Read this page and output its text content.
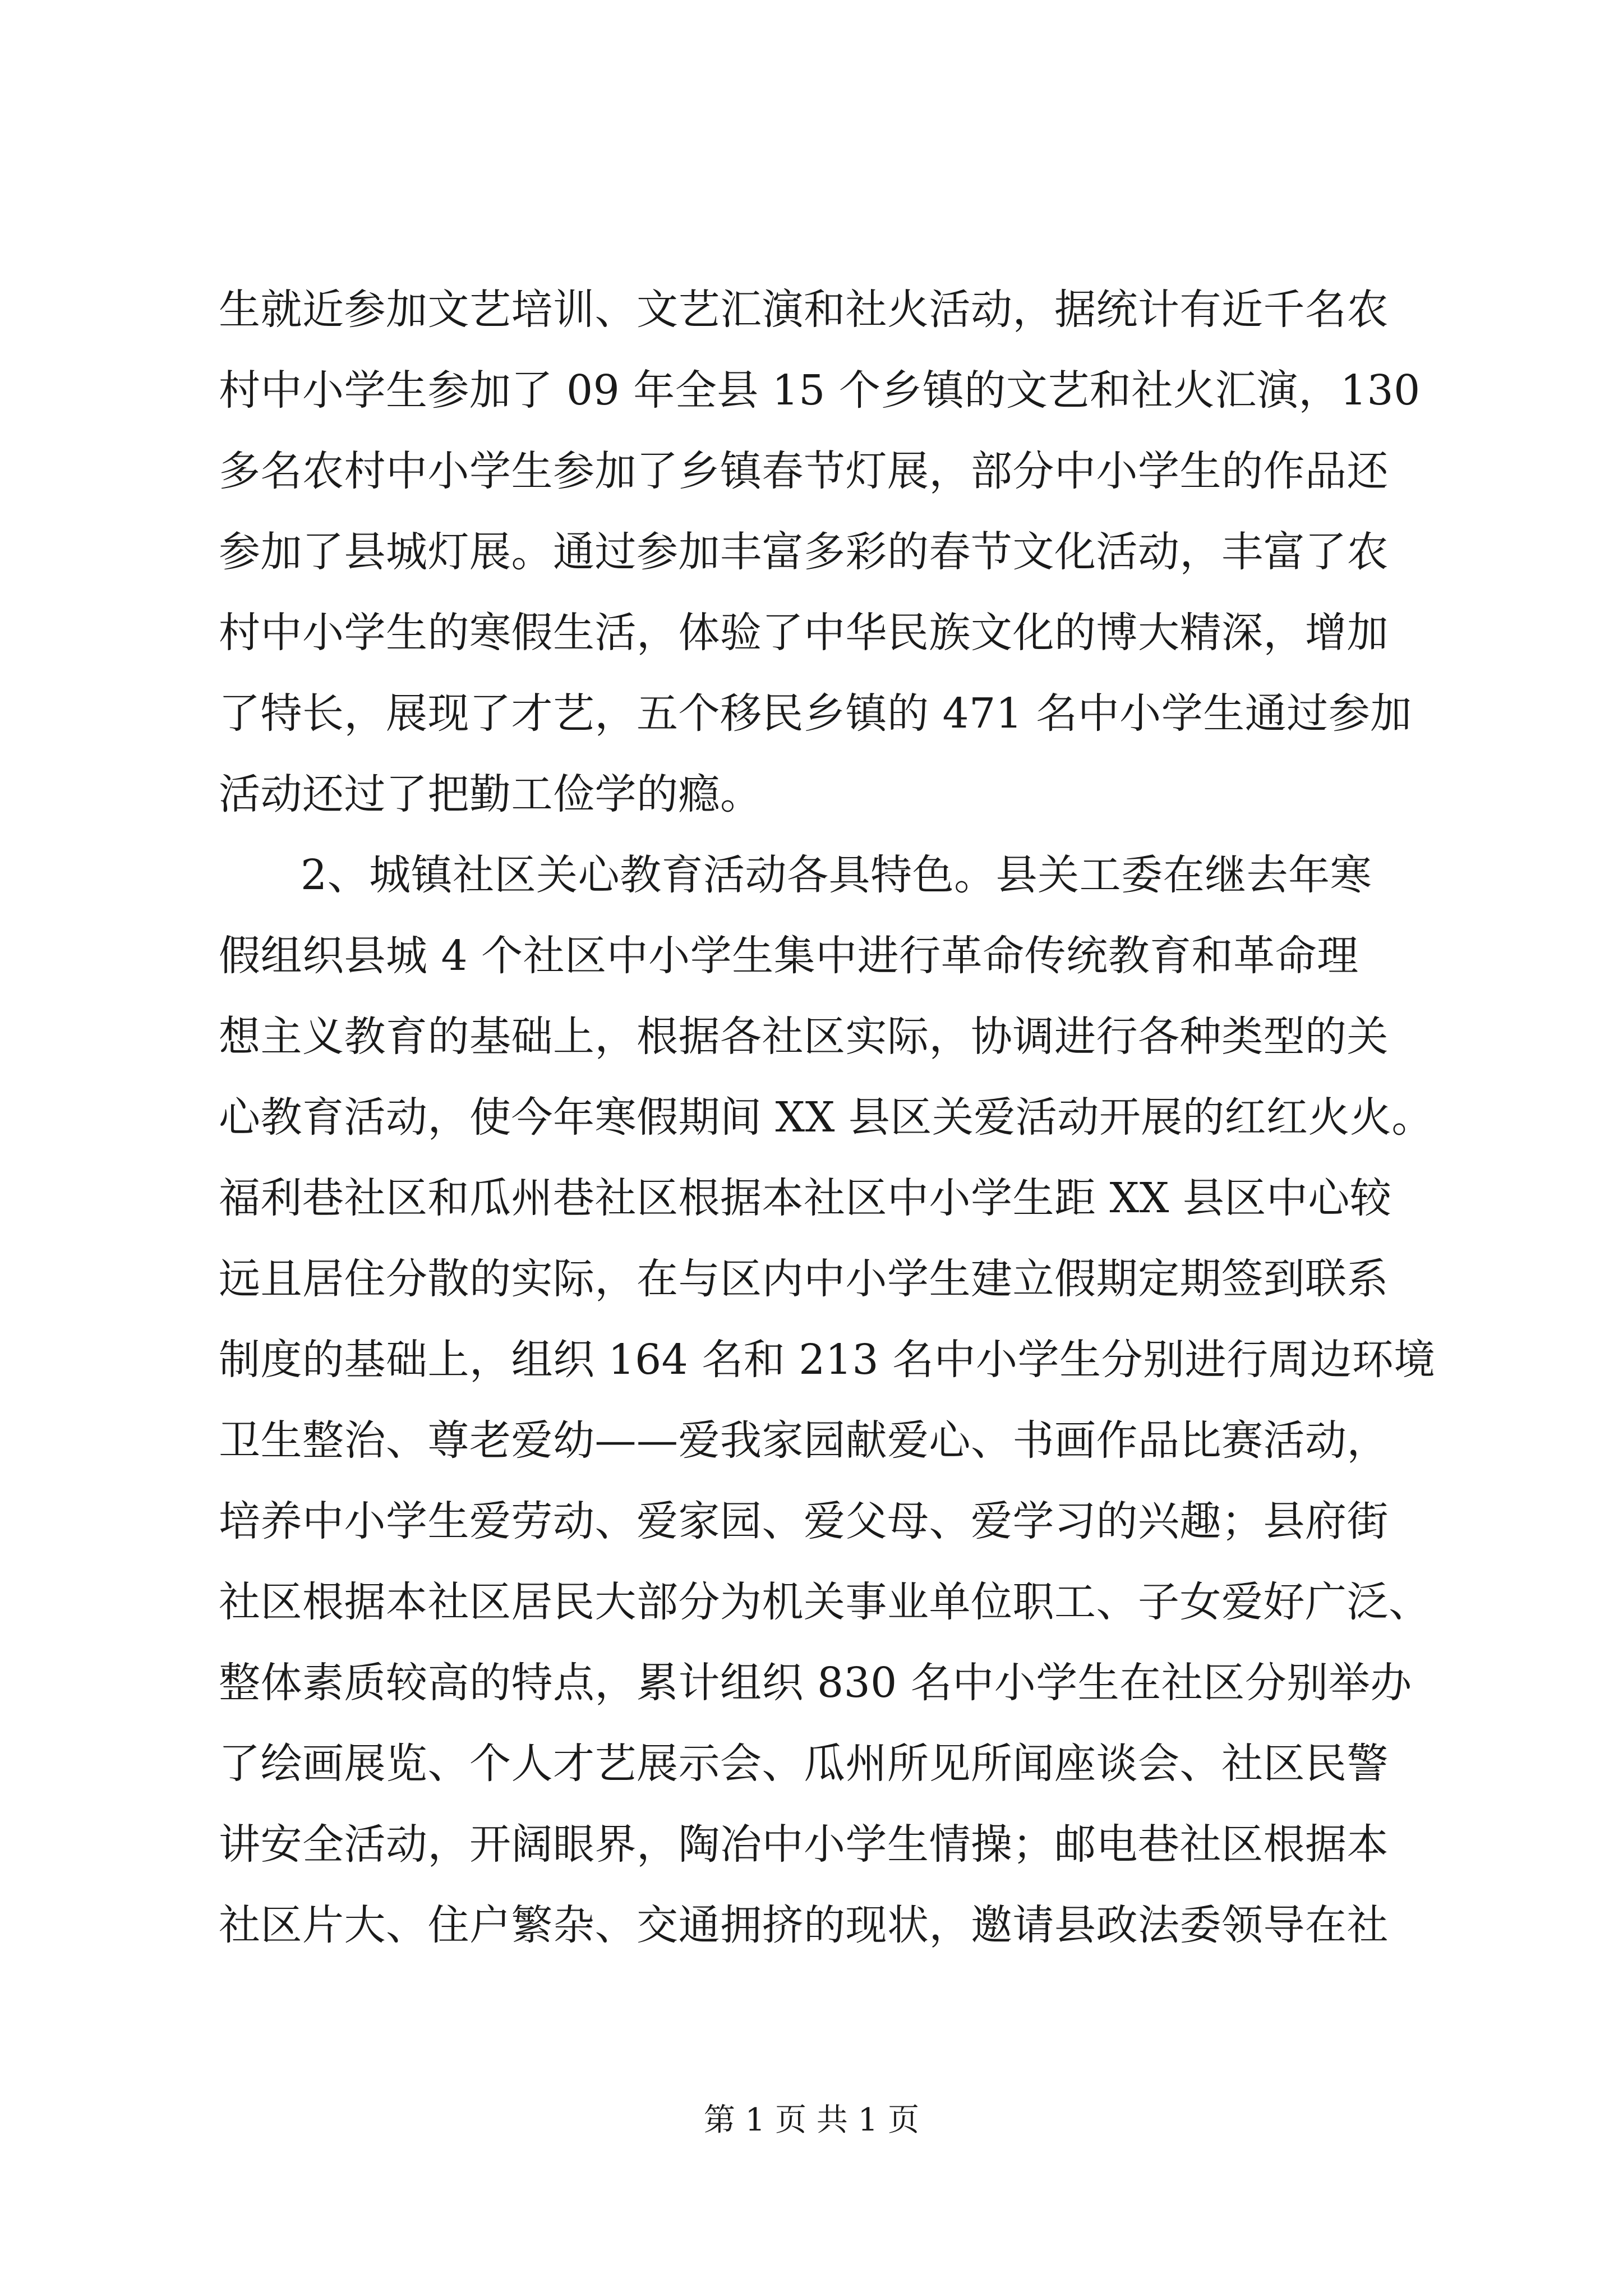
生就近参加文艺培训、文艺汇演和社火活动，据统计有近千名农
村中小学生参加了 09 年全县 15 个乡镇的文艺和社火汇演，130
多名农村中小学生参加了乡镇春节灯展，部分中小学生的作品还
参加了县城灯展。通过参加丰富多彩的春节文化活动，丰富了农
村中小学生的寒假生活，体验了中华民族文化的博大精深，增加
了特长，展现了才艺，五个移民乡镇的 471 名中小学生通过参加
活动还过了把勤工俭学的瘾。
2、城镇社区关心教育活动各具特色。县关工委在继去年寒
假组织县城 4 个社区中小学生集中进行革命传统教育和革命理
想主义教育的基础上，根据各社区实际，协调进行各种类型的关
心教育活动，使今年寒假期间 XX 县区关爱活动开展的红红火火。
福利巷社区和瓜州巷社区根据本社区中小学生距 XX 县区中心较
远且居住分散的实际，在与区内中小学生建立假期定期签到联系
制度的基础上，组织 164 名和 213 名中小学生分别进行周边环境
卫生整治、尊老爱幼——爱我家园献爱心、书画作品比赛活动，
培养中小学生爱劳动、爱家园、爱父母、爱学习的兴趣；县府街
社区根据本社区居民大部分为机关事业单位职工、子女爱好广泛、
整体素质较高的特点，累计组织 830 名中小学生在社区分别举办
了绘画展览、个人才艺展示会、瓜州所见所闻座谈会、社区民警
讲安全活动，开阔眼界，陶冶中小学生情操；邮电巷社区根据本
社区片大、住户繁杂、交通拥挤的现状，邀请县政法委领导在社
第 1 页 共 1 页
